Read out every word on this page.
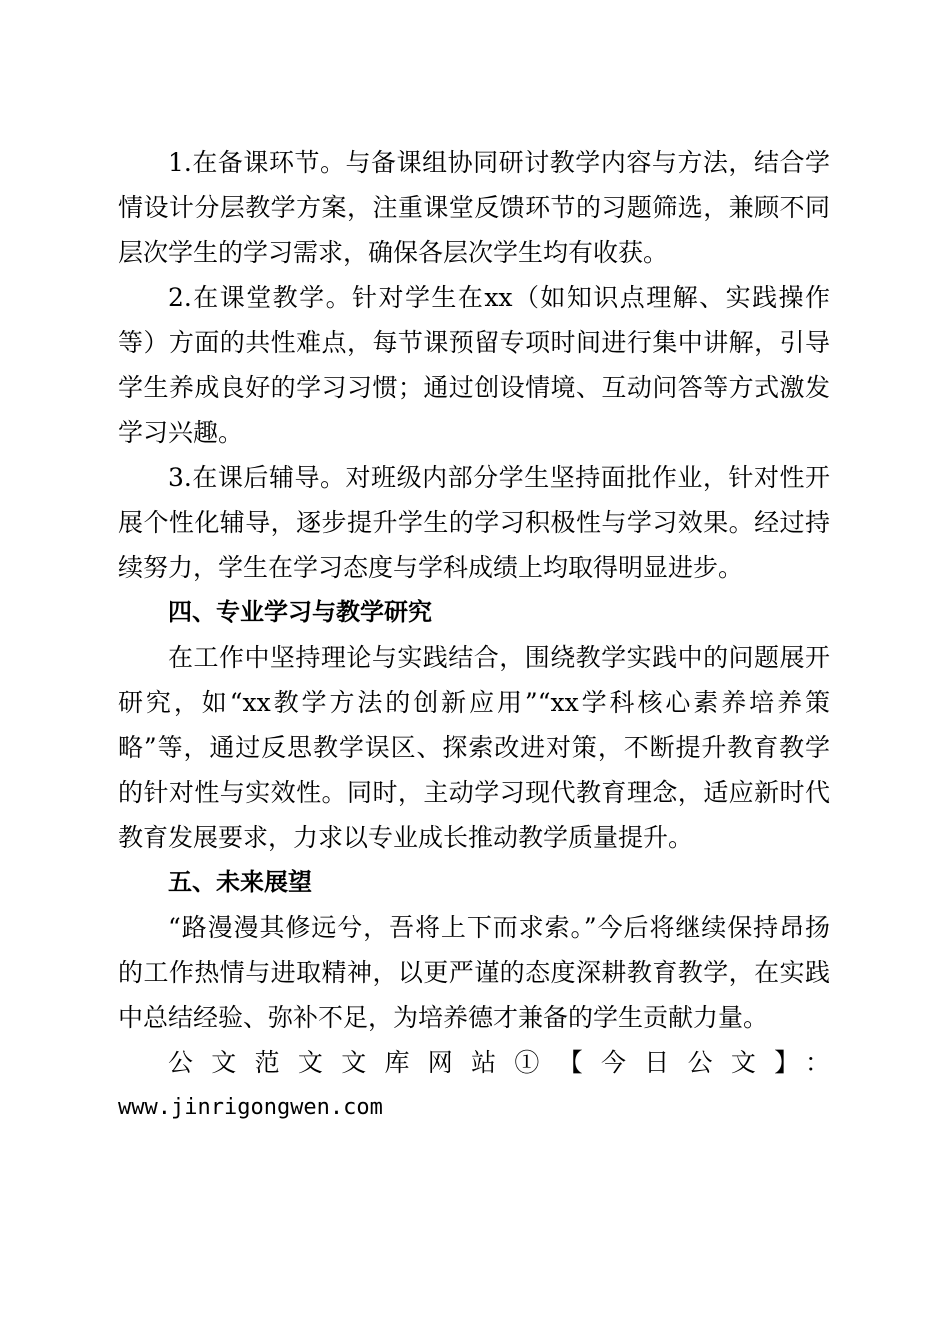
1.在备课环节。与备课组协同研讨教学内容与方法，结合学情设计分层教学方案，注重课堂反馈环节的习题筛选，兼顾不同层次学生的学习需求，确保各层次学生均有收获。

2.在课堂教学。针对学生在xx（如知识点理解、实践操作等）方面的共性难点，每节课预留专项时间进行集中讲解，引导学生养成良好的学习习惯；通过创设情境、互动问答等方式激发学习兴趣。

3.在课后辅导。对班级内部分学生坚持面批作业，针对性开展个性化辅导，逐步提升学生的学习积极性与学习效果。经过持续努力，学生在学习态度与学科成绩上均取得明显进步。

四、专业学习与教学研究

在工作中坚持理论与实践结合，围绕教学实践中的问题展开研究，如“xx教学方法的创新应用”“xx学科核心素养培养策略”等，通过反思教学误区、探索改进对策，不断提升教育教学的针对性与实效性。同时，主动学习现代教育理念，适应新时代教育发展要求，力求以专业成长推动教学质量提升。

五、未来展望

“路漫漫其修远兮，吾将上下而求索。”今后将继续保持昂扬的工作热情与进取精神，以更严谨的态度深耕教育教学，在实践中总结经验、弥补不足，为培养德才兼备的学生贡献力量。

公文范文文库网站①【今日公文】：

www.jinrigongwen.com
